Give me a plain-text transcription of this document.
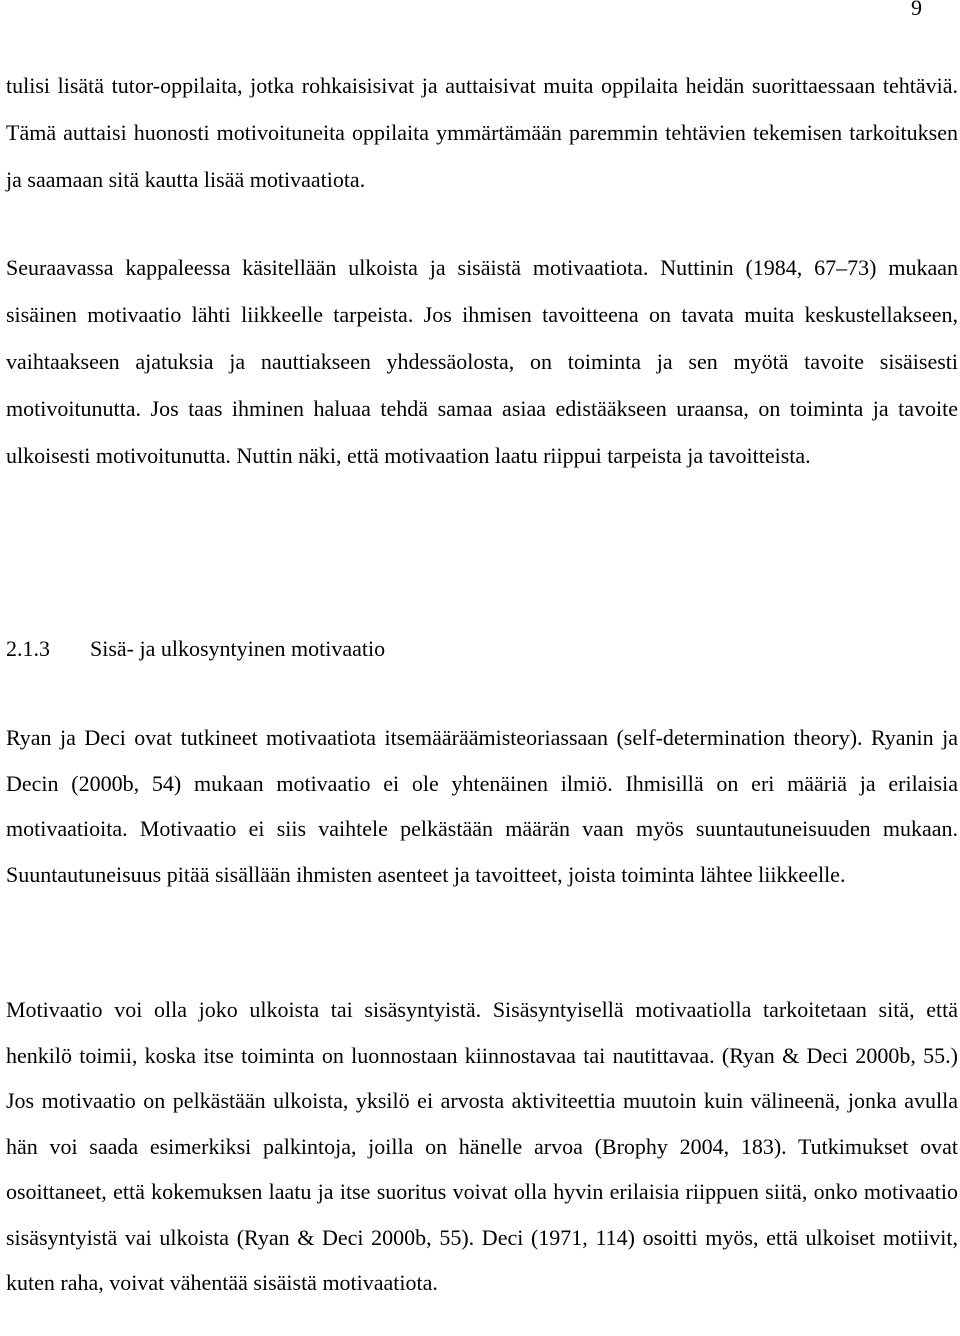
9

tulisi lisätä tutor-oppilaita, jotka rohkaisisivat ja auttaisivat muita oppilaita heidän suorittaessaan tehtäviä. Tämä auttaisi huonosti motivoituneita oppilaita ymmärtämään paremmin tehtävien tekemisen tarkoituksen ja saamaan sitä kautta lisää motivaatiota.

Seuraavassa kappaleessa käsitellään ulkoista ja sisäistä motivaatiota. Nuttinin (1984, 67–73) mukaan sisäinen motivaatio lähti liikkeelle tarpeista. Jos ihmisen tavoitteena on tavata muita keskustellakseen, vaihtaakseen ajatuksia ja nauttiakseen yhdessäolosta, on toiminta ja sen myötä tavoite sisäisesti motivoitunutta. Jos taas ihminen haluaa tehdä samaa asiaa edistääkseen uraansa, on toiminta ja tavoite ulkoisesti motivoitunutta. Nuttin näki, että motivaation laatu riippui tarpeista ja tavoitteista.

2.1.3 Sisä- ja ulkosyntyinen motivaatio

Ryan ja Deci ovat tutkineet motivaatiota itsemääräämisteoriassaan (self-determination theory). Ryanin ja Decin (2000b, 54) mukaan motivaatio ei ole yhtenäinen ilmiö. Ihmisillä on eri määriä ja erilaisia motivaatioita. Motivaatio ei siis vaihtele pelkästään määrän vaan myös suuntautuneisuuden mukaan. Suuntautuneisuus pitää sisällään ihmisten asenteet ja tavoitteet, joista toiminta lähtee liikkeelle.

Motivaatio voi olla joko ulkoista tai sisäsyntyistä. Sisäsyntyisellä motivaatiolla tarkoitetaan sitä, että henkilö toimii, koska itse toiminta on luonnostaan kiinnostavaa tai nautittavaa. (Ryan & Deci 2000b, 55.) Jos motivaatio on pelkästään ulkoista, yksilö ei arvosta aktiviteettia muutoin kuin välineenä, jonka avulla hän voi saada esimerkiksi palkintoja, joilla on hänelle arvoa (Brophy 2004, 183). Tutkimukset ovat osoittaneet, että kokemuksen laatu ja itse suoritus voivat olla hyvin erilaisia riippuen siitä, onko motivaatio sisäsyntyistä vai ulkoista (Ryan & Deci 2000b, 55). Deci (1971, 114) osoitti myös, että ulkoiset motiivit, kuten raha, voivat vähentää sisäistä motivaatiota.
